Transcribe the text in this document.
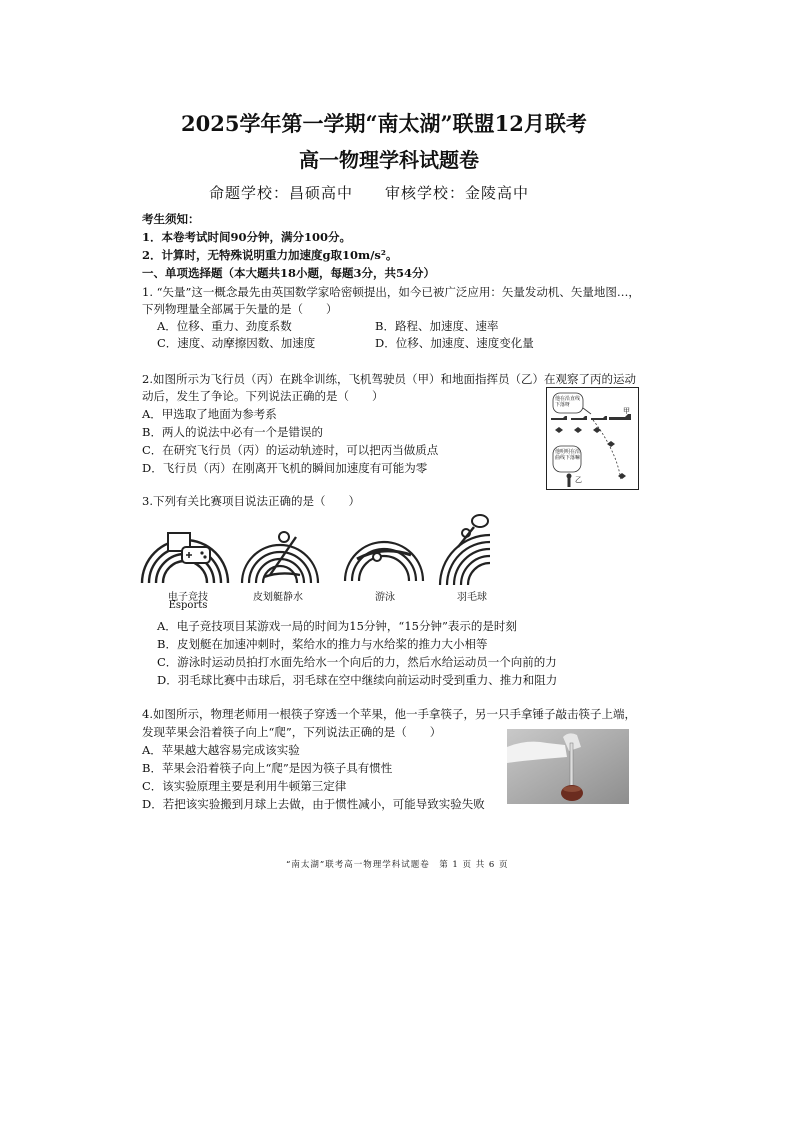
2025学年第一学期“南太湖”联盟12月联考
高一物理学科试题卷
命题学校：昌硕高中　　审核学校：金陵高中
考生须知：
1．本卷考试时间90分钟，满分100分。
2．计算时，无特殊说明重力加速度g取10m/s²。
一、单项选择题（本大题共18小题，每题3分，共54分）
1. “矢量”这一概念最先由英国数学家哈密顿提出，如今已被广泛应用：矢量发动机、矢量地图…，
下列物理量全部属于矢量的是（　　）
A．位移、重力、劲度系数	B．路程、加速度、速率
C．速度、动摩擦因数、加速度	D．位移、加速度、速度变化量
2.如图所示为飞行员（丙）在跳伞训练，飞机驾驶员（甲）和地面指挥员（乙）在观察了丙的运动
动后，发生了争论。下列说法正确的是（　　）
A．甲选取了地面为参考系
B．两人的说法中必有一个是错误的
C．在研究飞行员（丙）的运动轨迹时，可以把丙当做质点
D．飞行员（丙）在刚离开飞机的瞬间加速度有可能为零
他在沿直线下落呀
甲
他明明在沿曲线下落嘛
乙
3.下列有关比赛项目说法正确的是（　　）
电子竞技
Esports
皮划艇静水	游泳	羽毛球
A．电子竞技项目某游戏一局的时间为15分钟，“15分钟”表示的是时刻
B．皮划艇在加速冲刺时，桨给水的推力与水给桨的推力大小相等
C．游泳时运动员拍打水面先给水一个向后的力，然后水给运动员一个向前的力
D．羽毛球比赛中击球后，羽毛球在空中继续向前运动时受到重力、推力和阻力
4.如图所示，物理老师用一根筷子穿透一个苹果，他一手拿筷子，另一只手拿锤子敲击筷子上端，
发现苹果会沿着筷子向上“爬”，下列说法正确的是（　　）
A．苹果越大越容易完成该实验
B．苹果会沿着筷子向上“爬”是因为筷子具有惯性
C．该实验原理主要是利用牛顿第三定律
D．若把该实验搬到月球上去做，由于惯性减小，可能导致实验失败
“南太湖”联考高一物理学科试题卷　第 1 页 共 6 页
